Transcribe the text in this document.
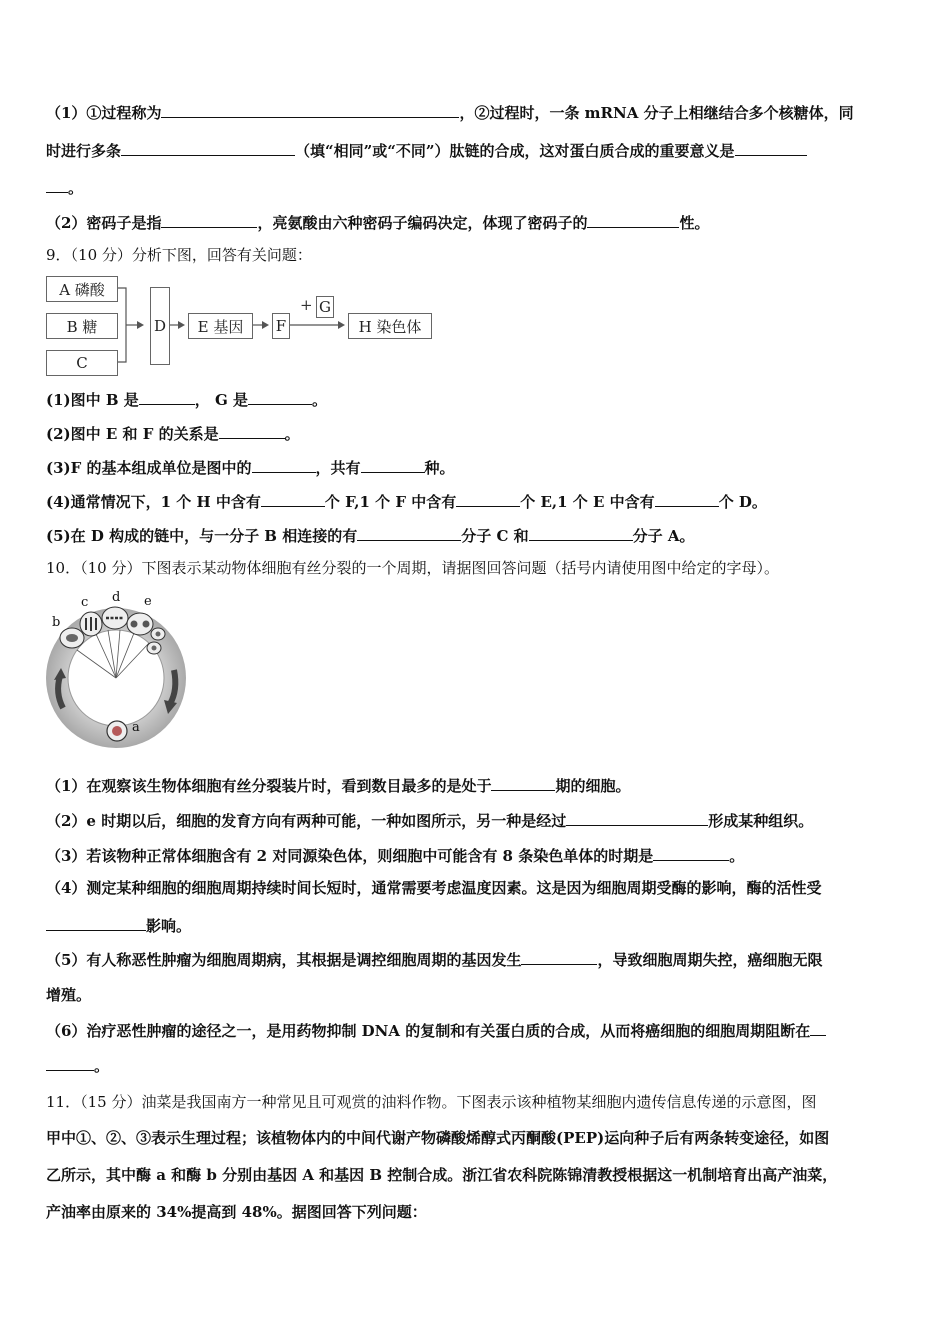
（1）①过程称为	，②过程时，一条 mRNA 分子上相继结合多个核糖体，同
时进行多条	（填“相同”或“不同”）肽链的合成，这对蛋白质合成的重要意义是
。
（2）密码子是指	，亮氨酸由六种密码子编码决定，体现了密码子的	性。
9．（10 分）分析下图，回答有关问题：
A 磷酸
B 糖
C
D	E 基因	F
+ G
H 染色体
(1)图中 B 是	， G 是	。
(2)图中 E 和 F 的关系是	。
(3)F 的基本组成单位是图中的	，共有	种。
(4)通常情况下，1 个 H 中含有	个 F,1 个 F 中含有	个 E,1 个 E 中含有	个 D。
(5)在 D 构成的链中，与一分子 B 相连接的有	分子 C 和	分子 A。
10．（10 分）下图表示某动物体细胞有丝分裂的一个周期，请据图回答问题（括号内请使用图中给定的字母）。
b
c d e
a
（1）在观察该生物体细胞有丝分裂装片时，看到数目最多的是处于	期的细胞。
（2）e 时期以后，细胞的发育方向有两种可能，一种如图所示，另一种是经过	形成某种组织。
（3）若该物种正常体细胞含有 2 对同源染色体，则细胞中可能含有 8 条染色单体的时期是	。
（4）测定某种细胞的细胞周期持续时间长短时，通常需要考虑温度因素。这是因为细胞周期受酶的影响，酶的活性受
影响。
（5）有人称恶性肿瘤为细胞周期病，其根据是调控细胞周期的基因发生	，导致细胞周期失控，癌细胞无限
增殖。
（6）治疗恶性肿瘤的途径之一，是用药物抑制 DNA 的复制和有关蛋白质的合成，从而将癌细胞的细胞周期阻断在
。
11．（15 分）油菜是我国南方一种常见且可观赏的油料作物。下图表示该种植物某细胞内遗传信息传递的示意图，图
甲中①、②、③表示生理过程；该植物体内的中间代谢产物磷酸烯醇式丙酮酸(PEP)运向种子后有两条转变途径，如图
乙所示，其中酶 a 和酶 b 分别由基因 A 和基因 B 控制合成。浙江省农科院陈锦清教授根据这一机制培育出高产油菜，
产油率由原来的 34%提高到 48%。据图回答下列问题：
